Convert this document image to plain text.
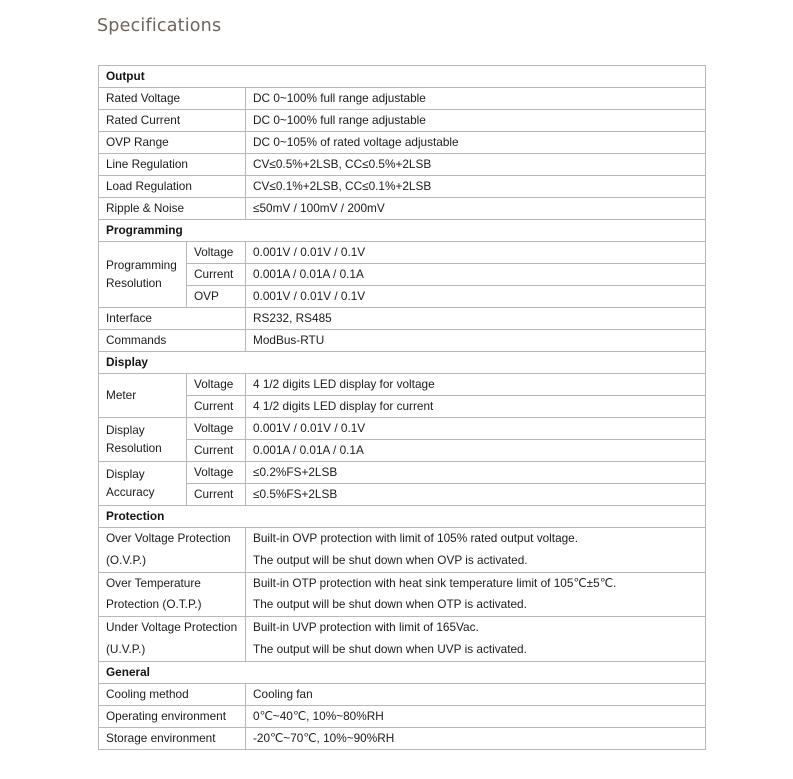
Specifications
Output		
Rated Voltage		DC 0~100% full range adjustable
Rated Current		DC 0~100% full range adjustable
OVP Range		DC 0~105% of rated voltage adjustable
Line Regulation		CV≤0.5%+2LSB, CC≤0.5%+2LSB
Load Regulation		CV≤0.1%+2LSB, CC≤0.1%+2LSB
Ripple & Noise		≤50mV / 100mV / 200mV
Programming		

Programming
Resolution	Voltage	0.001V / 0.01V / 0.1V
	Current	0.001A / 0.01A / 0.1A
	OVP	0.001V / 0.01V / 0.1V
Interface		RS232, RS485
Commands		ModBus-RTU
Display		

Meter	Voltage	4 1/2 digits LED display for voltage
	Current	4 1/2 digits LED display for current

Display
Resolution	Voltage	0.001V / 0.01V / 0.1V
	Current	0.001A / 0.01A / 0.1A

Display
Accuracy	Voltage	≤0.2%FS+2LSB
	Current	≤0.5%FS+2LSB
Protection		

Over Voltage Protection
(O.V.P.)		Built-in OVP protection with limit of 105% rated output voltage.
The output will be shut down when OVP is activated.

Over Temperature
Protection (O.T.P.)		Built-in OTP protection with heat sink temperature limit of 105℃±5℃.
The output will be shut down when OTP is activated.

Under Voltage Protection
(U.V.P.)		Built-in UVP protection with limit of 165Vac.
The output will be shut down when UVP is activated.

General		
Cooling method		Cooling fan
Operating environment		0℃~40℃, 10%~80%RH
Storage environment		-20℃~70℃, 10%~90%RH
